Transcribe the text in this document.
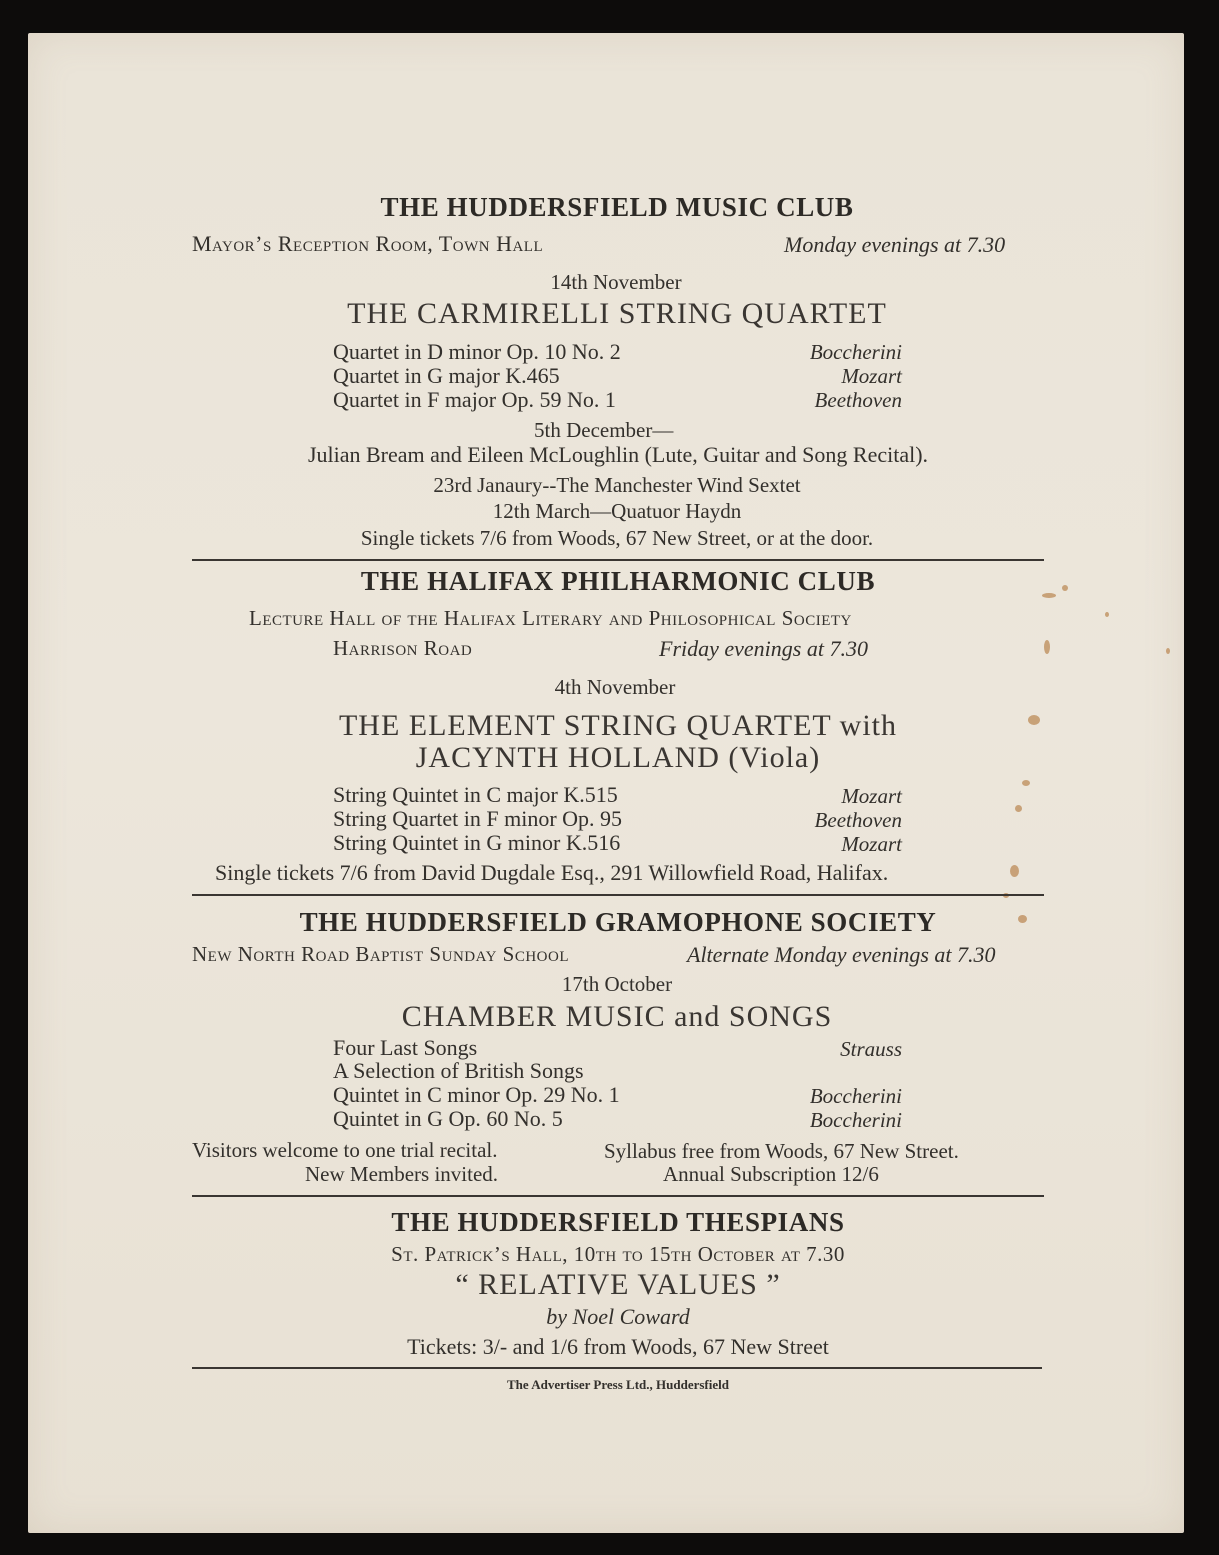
THE HUDDERSFIELD MUSIC CLUB
Mayor’s Reception Room, Town Hall	Monday evenings at 7.30
14th November
THE CARMIRELLI STRING QUARTET
Quartet in D minor Op. 10 No. 2	Boccherini
Quartet in G major K.465	Mozart
Quartet in F major Op. 59 No. 1	Beethoven
5th December—
Julian Bream and Eileen McLoughlin (Lute, Guitar and Song Recital).
23rd Janaury--The Manchester Wind Sextet
12th March—Quatuor Haydn
Single tickets 7/6 from Woods, 67 New Street, or at the door.
THE HALIFAX PHILHARMONIC CLUB
Lecture Hall of the Halifax Literary and Philosophical Society
Harrison Road	Friday evenings at 7.30
4th November
THE ELEMENT STRING QUARTET with
JACYNTH HOLLAND (Viola)
String Quintet in C major K.515	Mozart
String Quartet in F minor Op. 95	Beethoven
String Quintet in G minor K.516	Mozart
Single tickets 7/6 from David Dugdale Esq., 291 Willowfield Road, Halifax.
THE HUDDERSFIELD GRAMOPHONE SOCIETY
New North Road Baptist Sunday School	Alternate Monday evenings at 7.30
17th October
CHAMBER MUSIC and SONGS
Four Last Songs	Strauss
A Selection of British Songs
Quintet in C minor Op. 29 No. 1	Boccherini
Quintet in G Op. 60 No. 5	Boccherini
Visitors welcome to one trial recital.	Syllabus free from Woods, 67 New Street.
New Members invited.	Annual Subscription 12/6
THE HUDDERSFIELD THESPIANS
St. Patrick’s Hall, 10th to 15th October at 7.30
“ RELATIVE VALUES ”
by Noel Coward
Tickets: 3/- and 1/6 from Woods, 67 New Street
The Advertiser Press Ltd., Huddersfield
